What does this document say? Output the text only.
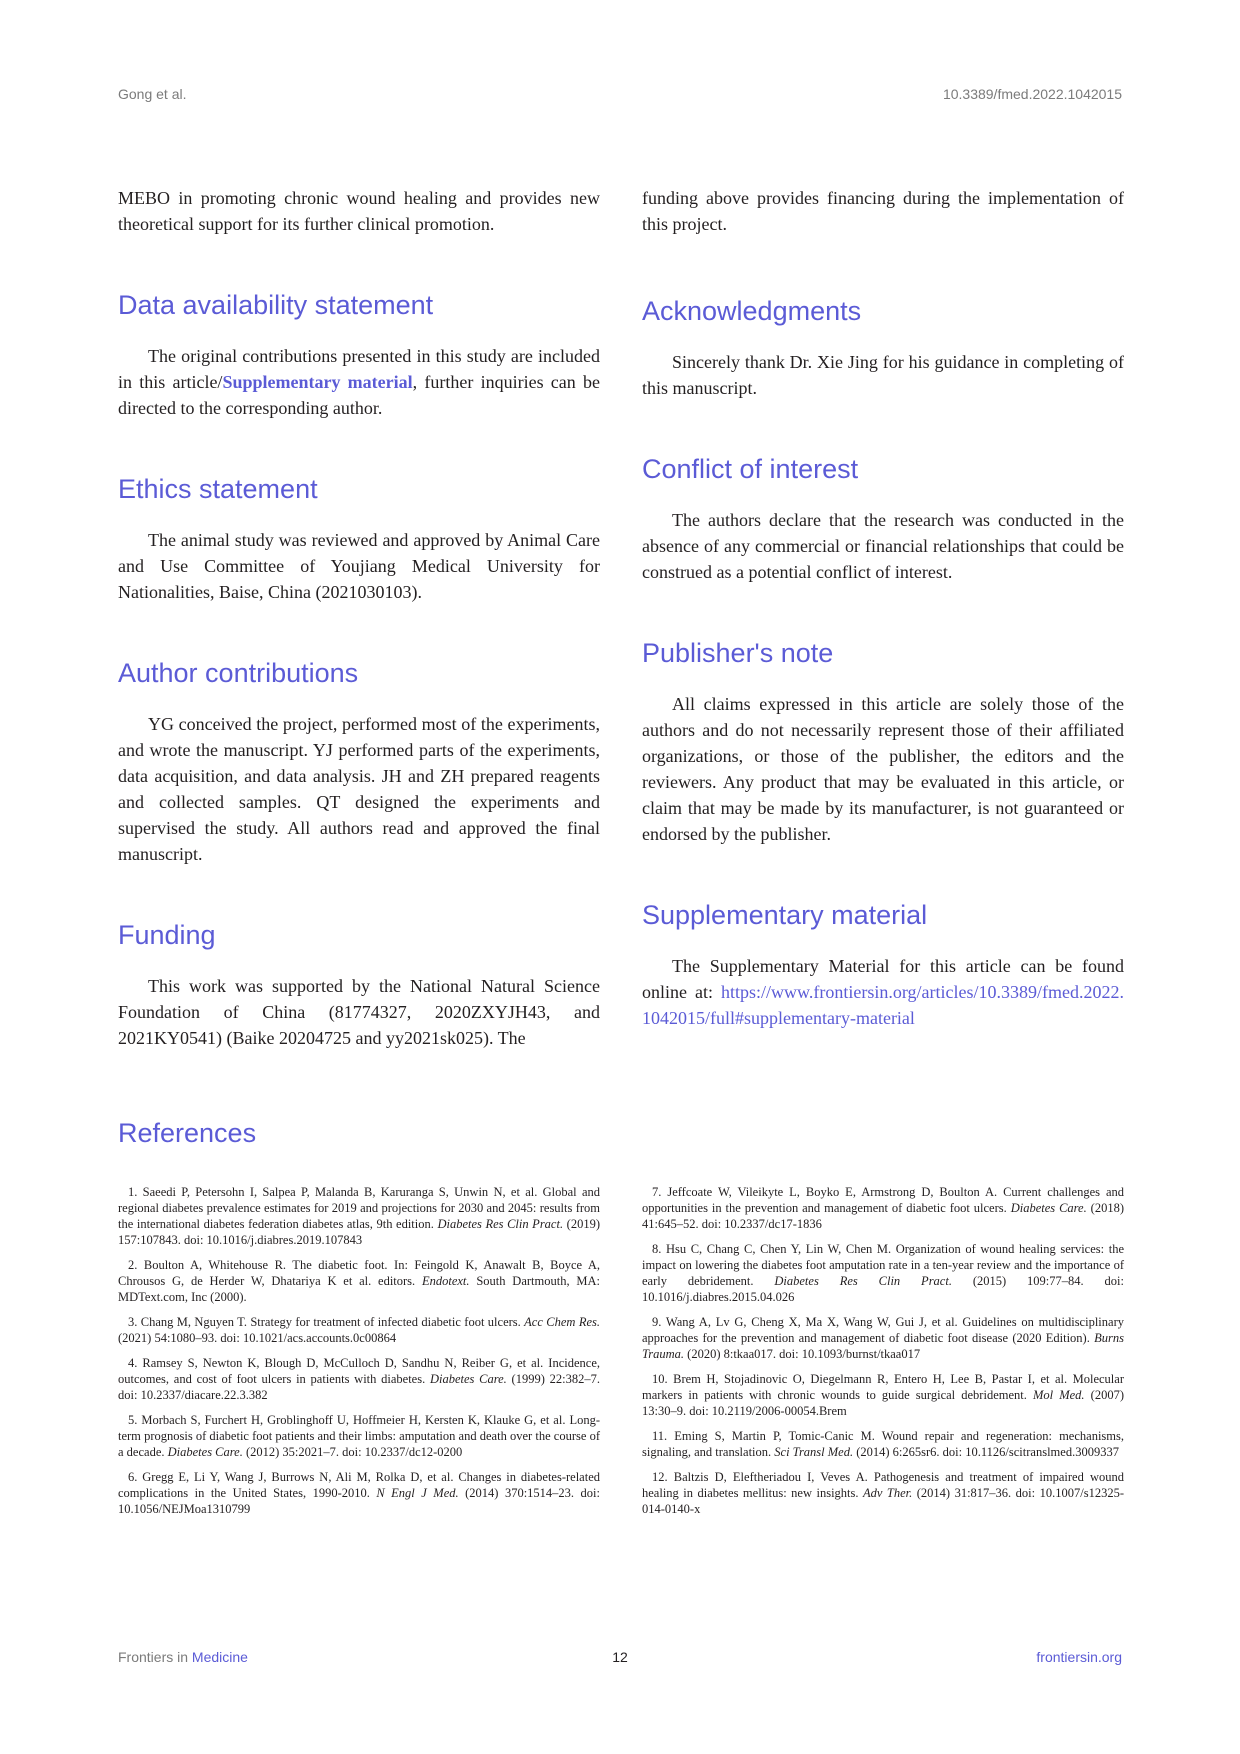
Gong et al.	10.3389/fmed.2022.1042015

MEBO in promoting chronic wound healing and provides new theoretical support for its further clinical promotion.

Data availability statement

The original contributions presented in this study are included in this article/Supplementary material, further inquiries can be directed to the corresponding author.

Ethics statement

The animal study was reviewed and approved by Animal Care and Use Committee of Youjiang Medical University for Nationalities, Baise, China (2021030103).

Author contributions

YG conceived the project, performed most of the experiments, and wrote the manuscript. YJ performed parts of the experiments, data acquisition, and data analysis. JH and ZH prepared reagents and collected samples. QT designed the experiments and supervised the study. All authors read and approved the final manuscript.

Funding

This work was supported by the National Natural Science Foundation of China (81774327, 2020ZXYJH43, and 2021KY0541) (Baike 20204725 and yy2021sk025). The

funding above provides financing during the implementation of this project.

Acknowledgments

Sincerely thank Dr. Xie Jing for his guidance in completing of this manuscript.

Conflict of interest

The authors declare that the research was conducted in the absence of any commercial or financial relationships that could be construed as a potential conflict of interest.

Publisher's note

All claims expressed in this article are solely those of the authors and do not necessarily represent those of their affiliated organizations, or those of the publisher, the editors and the reviewers. Any product that may be evaluated in this article, or claim that may be made by its manufacturer, is not guaranteed or endorsed by the publisher.

Supplementary material

The Supplementary Material for this article can be found online at: https://www.frontiersin.org/articles/10.3389/fmed.2022.1042015/full#supplementary-material

References

1. Saeedi P, Petersohn I, Salpea P, Malanda B, Karuranga S, Unwin N, et al. Global and regional diabetes prevalence estimates for 2019 and projections for 2030 and 2045: results from the international diabetes federation diabetes atlas, 9th edition. Diabetes Res Clin Pract. (2019) 157:107843. doi: 10.1016/j.diabres.2019.107843

2. Boulton A, Whitehouse R. The diabetic foot. In: Feingold K, Anawalt B, Boyce A, Chrousos G, de Herder W, Dhatariya K et al. editors. Endotext. South Dartmouth, MA: MDText.com, Inc (2000).

3. Chang M, Nguyen T. Strategy for treatment of infected diabetic foot ulcers. Acc Chem Res. (2021) 54:1080–93. doi: 10.1021/acs.accounts.0c00864

4. Ramsey S, Newton K, Blough D, McCulloch D, Sandhu N, Reiber G, et al. Incidence, outcomes, and cost of foot ulcers in patients with diabetes. Diabetes Care. (1999) 22:382–7. doi: 10.2337/diacare.22.3.382

5. Morbach S, Furchert H, Groblinghoff U, Hoffmeier H, Kersten K, Klauke G, et al. Long-term prognosis of diabetic foot patients and their limbs: amputation and death over the course of a decade. Diabetes Care. (2012) 35:2021–7. doi: 10.2337/dc12-0200

6. Gregg E, Li Y, Wang J, Burrows N, Ali M, Rolka D, et al. Changes in diabetes-related complications in the United States, 1990-2010. N Engl J Med. (2014) 370:1514–23. doi: 10.1056/NEJMoa1310799

7. Jeffcoate W, Vileikyte L, Boyko E, Armstrong D, Boulton A. Current challenges and opportunities in the prevention and management of diabetic foot ulcers. Diabetes Care. (2018) 41:645–52. doi: 10.2337/dc17-1836

8. Hsu C, Chang C, Chen Y, Lin W, Chen M. Organization of wound healing services: the impact on lowering the diabetes foot amputation rate in a ten-year review and the importance of early debridement. Diabetes Res Clin Pract. (2015) 109:77–84. doi: 10.1016/j.diabres.2015.04.026

9. Wang A, Lv G, Cheng X, Ma X, Wang W, Gui J, et al. Guidelines on multidisciplinary approaches for the prevention and management of diabetic foot disease (2020 Edition). Burns Trauma. (2020) 8:tkaa017. doi: 10.1093/burnst/tkaa017

10. Brem H, Stojadinovic O, Diegelmann R, Entero H, Lee B, Pastar I, et al. Molecular markers in patients with chronic wounds to guide surgical debridement. Mol Med. (2007) 13:30–9. doi: 10.2119/2006-00054.Brem

11. Eming S, Martin P, Tomic-Canic M. Wound repair and regeneration: mechanisms, signaling, and translation. Sci Transl Med. (2014) 6:265sr6. doi: 10.1126/scitranslmed.3009337

12. Baltzis D, Eleftheriadou I, Veves A. Pathogenesis and treatment of impaired wound healing in diabetes mellitus: new insights. Adv Ther. (2014) 31:817–36. doi: 10.1007/s12325-014-0140-x

Frontiers in Medicine	12	frontiersin.org
